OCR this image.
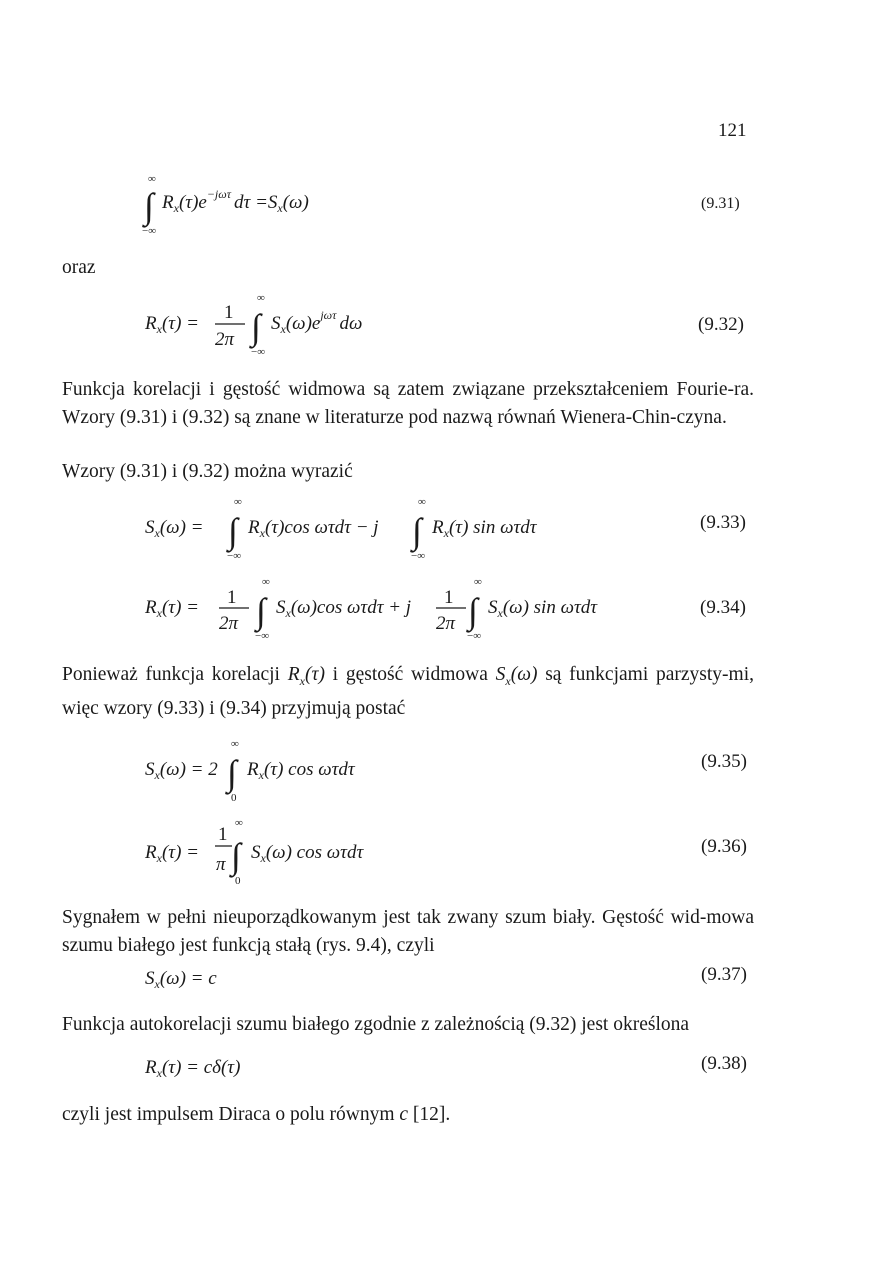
121
∞
∫
−∞
$R_x(\tau)e^{-j\omega\tau}$ $d\tau =S_x(\omega)$	(9.31)
oraz
$R_x(\tau)$ =
1
2π
∞
∫
−∞
$S_x(\omega)e^{j\omega\tau}$ dω	(9.32)

Funkcja korelacji i gęstość widmowa są zatem związane przekształceniem Fourie-ra. Wzory (9.31) i (9.32) są znane w literaturze pod nazwą równań Wienera-Chin-czyna.

Wzory (9.31) i (9.32) można wyrazić
$S_x(\omega)$ =
∞
∫
−∞
$R_x(\tau)\cos$ ωτdτ − j
∞
∫
−∞
$R_x(\tau)$ sin ωτdτ	(9.33)
$R_x(\tau) = 1$
2π
∞
∫
−∞
$S_x(\omega)\cos$ ωτdτ + j 1
2π
∞
∫
−∞
$S_x(\omega)$ sin ωτdτ	(9.34)

Ponieważ funkcja korelacji $R_x(\tau)$ i gęstość widmowa $S_x(\omega)$ są funkcjami parzysty-mi, więc wzory (9.33) i (9.34) przyjmują postać

$S_x(\omega) = 2$
∞
∫
0
$R_x(\tau)$ cos ωτdτ	(9.35)
$R_x(\tau)$ =
1
π
∞
∫
0
$S_x(\omega)$ cos ωτdτ	(9.36)

Sygnałem w pełni nieuporządkowanym jest tak zwany szum biały. Gęstość wid-mowa szumu białego jest funkcją stałą (rys. 9.4), czyli

$S_x(\omega) = c$	(9.37)
Funkcja autokorelacji szumu białego zgodnie z zależnością (9.32) jest określona
$R_x(\tau) = c\delta(\tau)$	(9.38)
czyli jest impulsem Diraca o polu równym c [12].
